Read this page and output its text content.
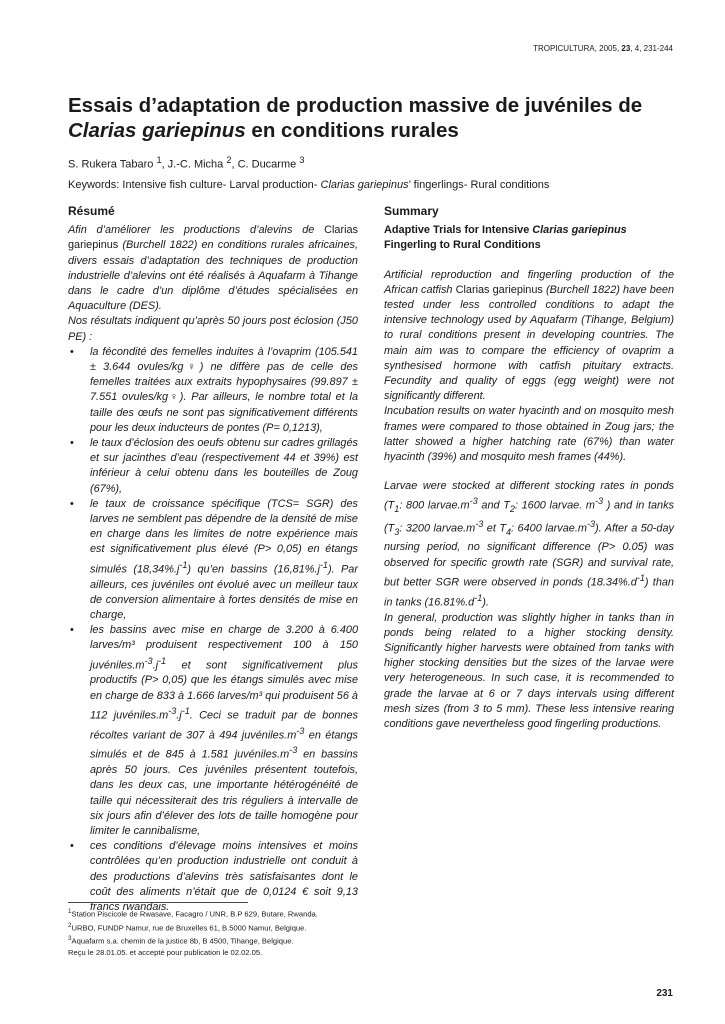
TROPICULTURA, 2005, 23, 4, 231-244
Essais d’adaptation de production massive de juvéniles de Clarias gariepinus en conditions rurales
S. Rukera Tabaro $^1$, J.-C. Micha $^2$, C. Ducarme $^3$
Keywords: Intensive fish culture- Larval production- Clarias gariepinus’ fingerlings- Rural conditions
Résumé

Afin d’améliorer les productions d’alevins de Clarias gariepinus (Burchell 1822) en conditions rurales africaines, divers essais d’adaptation des techniques de production industrielle d’alevins ont été réalisés à Aquafarm à Tihange dans le cadre d’un diplôme d’études spécialisées en Aquaculture (DES).

Nos résultats indiquent qu’après 50 jours post éclosion (J50 PE) :

• la fécondité des femelles induites à l’ovaprim (105.541 ± 3.644 ovules/kg♀) ne diffère pas de celle des femelles traitées aux extraits hypophysaires (99.897 ± 7.551 ovules/kg♀). Par ailleurs, le nombre total et la taille des œufs ne sont pas significativement différents pour les deux inducteurs de pontes (P= 0,1213),
• le taux d’éclosion des oeufs obtenu sur cadres grillagés et sur jacinthes d’eau (respectivement 44 et 39%) est inférieur à celui obtenu dans les bouteilles de Zoug (67%),
• le taux de croissance spécifique (TCS= SGR) des larves ne semblent pas dépendre de la densité de mise en charge dans les limites de notre expérience mais est significativement plus élevé (P> 0,05) en étangs simulés $(18,34\%.j^{-1})$ qu’en bassins $(16,81\%.j^{-1})$. Par ailleurs, ces juvéniles ont évolué avec un meilleur taux de conversion alimentaire à fortes densités de mise en charge,
• les bassins avec mise en charge de 3.200 à 6.400 larves/m³ produisent respectivement 100 à 150 $juvéniles.m^{-3}.j^{-1}$ et sont significativement plus productifs (P> 0,05) que les étangs simulés avec mise en charge de 833 à 1.666 larves/m³ qui produisent 56 à 112 $juvéniles.m^{-3}.j^{-1}$. Ceci se traduit par de bonnes récoltes variant de 307 à 494 $juvéniles.m^{-3}$ en étangs simulés et de 845 à 1.581 $juvéniles.m^{-3}$ en bassins après 50 jours. Ces juvéniles présentent toutefois, dans les deux cas, une importante hétérogénéité de taille qui nécessiterait des tris réguliers à intervalle de six jours afin d’élever des lots de taille homogène pour limiter le cannibalisme,
• ces conditions d’élevage moins intensives et moins contrôlées qu’en production industrielle ont conduit à des productions d’alevins très satisfaisantes dont le coût des aliments n’était que de 0,0124 € soit 9,13 francs rwandais.
Summary
Adaptive Trials for Intensive Clarias gariepinus Fingerling to Rural Conditions

Artificial reproduction and fingerling production of the African catfish Clarias gariepinus (Burchell 1822) have been tested under less controlled conditions to adapt the intensive technology used by Aquafarm (Tihange, Belgium) to rural conditions present in developing countries. The main aim was to compare the efficiency of ovaprim a synthesised hormone with catfish pituitary extracts. Fecundity and quality of eggs (egg weight) were not significantly different.

Incubation results on water hyacinth and on mosquito mesh frames were compared to those obtained in Zoug jars; the latter showed a higher hatching rate (67%) than water hyacinth (39%) and mosquito mesh frames (44%).

Larvae were stocked at different stocking rates in ponds ($T_1$: 800 $larvae.m^{-3}$ and $T_2$: 1600 larvae. $m^{-3}$ ) and in tanks ($T_3$: 3200 $larvae.m^{-3}$ et $T_4$: 6400 $larvae.m^{-3}$). After a 50-day nursing period, no significant difference (P> 0.05) was observed for specific growth rate (SGR) and survival rate, but better SGR were observed in ponds $(18.34\%.d^{-1})$ than in tanks $(16.81\%.d^{-1})$.

In general, production was slightly higher in tanks than in ponds being related to a higher stocking density. Significantly higher harvests were obtained from tanks with higher stocking densities but the sizes of the larvae were very heterogeneous. In such case, it is recommended to grade the larvae at 6 or 7 days intervals using different mesh sizes (from 3 to 5 mm). These less intensive rearing conditions gave nevertheless good fingerling productions.

$^1$Station Piscicole de Rwasave, Facagro / UNR, B.P 629, Butare, Rwanda.
$^2$URBO, FUNDP Namur, rue de Bruxelles 61, B.5000 Namur, Belgique.
$^3$Aquafarm s.a. chemin de la justice 8b, B 4500, Tihange, Belgique.
Reçu le 28.01.05. et accepté pour publication le 02.02.05.
231
